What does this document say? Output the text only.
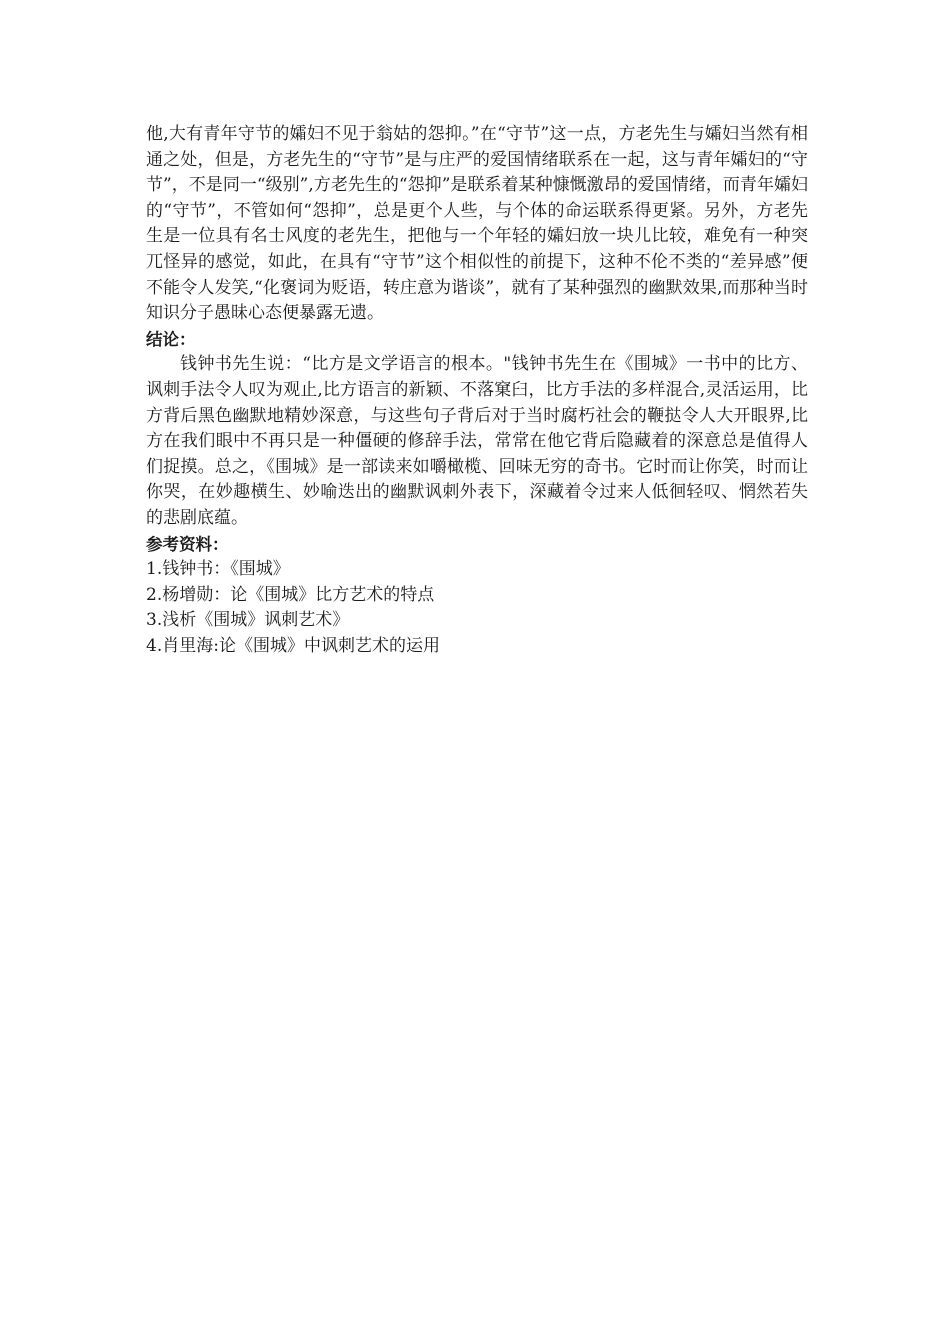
他,大有青年守节的孀妇不见于翁姑的怨抑。”在“守节”这一点，方老先生与孀妇当然有相通之处，但是，方老先生的“守节”是与庄严的爱国情绪联系在一起，这与青年孀妇的“守节”，不是同一“级别”,方老先生的“怨抑”是联系着某种慷慨激昂的爱国情绪，而青年孀妇的“守节”，不管如何“怨抑”，总是更个人些，与个体的命运联系得更紧。另外，方老先生是一位具有名士风度的老先生，把他与一个年轻的孀妇放一块儿比较，难免有一种突兀怪异的感觉，如此，在具有“守节”这个相似性的前提下，这种不伦不类的“差异感”便不能令人发笑,“化褒词为贬语，转庄意为谐谈”，就有了某种强烈的幽默效果,而那种当时知识分子愚昧心态便暴露无遗。

结论：

钱钟书先生说：“比方是文学语言的根本。"钱钟书先生在《围城》一书中的比方、讽刺手法令人叹为观止,比方语言的新颖、不落窠臼，比方手法的多样混合,灵活运用，比方背后黑色幽默地精妙深意，与这些句子背后对于当时腐朽社会的鞭挞令人大开眼界,比方在我们眼中不再只是一种僵硬的修辞手法，常常在他它背后隐藏着的深意总是值得人们捉摸。总之，《围城》是一部读来如嚼橄榄、回味无穷的奇书。它时而让你笑，时而让你哭，在妙趣横生、妙喻迭出的幽默讽刺外表下，深藏着令过来人低徊轻叹、惘然若失的悲剧底蕴。

参考资料：

1.钱钟书：《围城》
2.杨增勋：论《围城》比方艺术的特点
3.浅析《围城》讽刺艺术》
4.肖里海:论《围城》中讽刺艺术的运用
